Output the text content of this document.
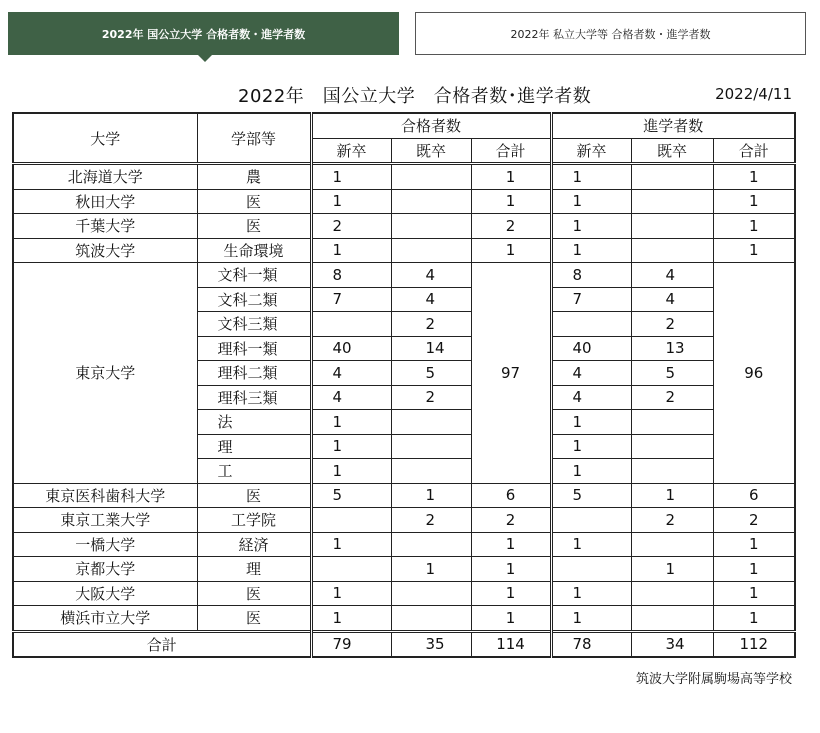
2022年 国公立大学 合格者数・進学者数	2022年 私立大学等 合格者数・進学者数
2022年　国公立大学　合格者数･進学者数	2022/4/11
大学	学部等	合格者数			進学者数		
		新卒	既卒	合計	新卒	既卒	合計
北海道大学	農	1		1	1		1
秋田大学	医	1		1	1		1
千葉大学	医	2		2	1		1
筑波大学	生命環境	1		1	1		1
東京大学	文科一類	8	4	97	8	4	96
	文科二類	7	4		7	4	
	文科三類		2			2	
	理科一類	40	14		40	13	
	理科二類	4	5		4	5	
	理科三類	4	2		4	2	
	法	1			1		
	理	1			1		
	工	1			1		
東京医科歯科大学	医	5	1	6	5	1	6
東京工業大学	工学院		2	2		2	2
一橋大学	経済	1		1	1		1
京都大学	理		1	1		1	1
大阪大学	医	1		1	1		1
横浜市立大学	医	1		1	1		1
合計		79	35	114	78	34	112
筑波大学附属駒場高等学校
